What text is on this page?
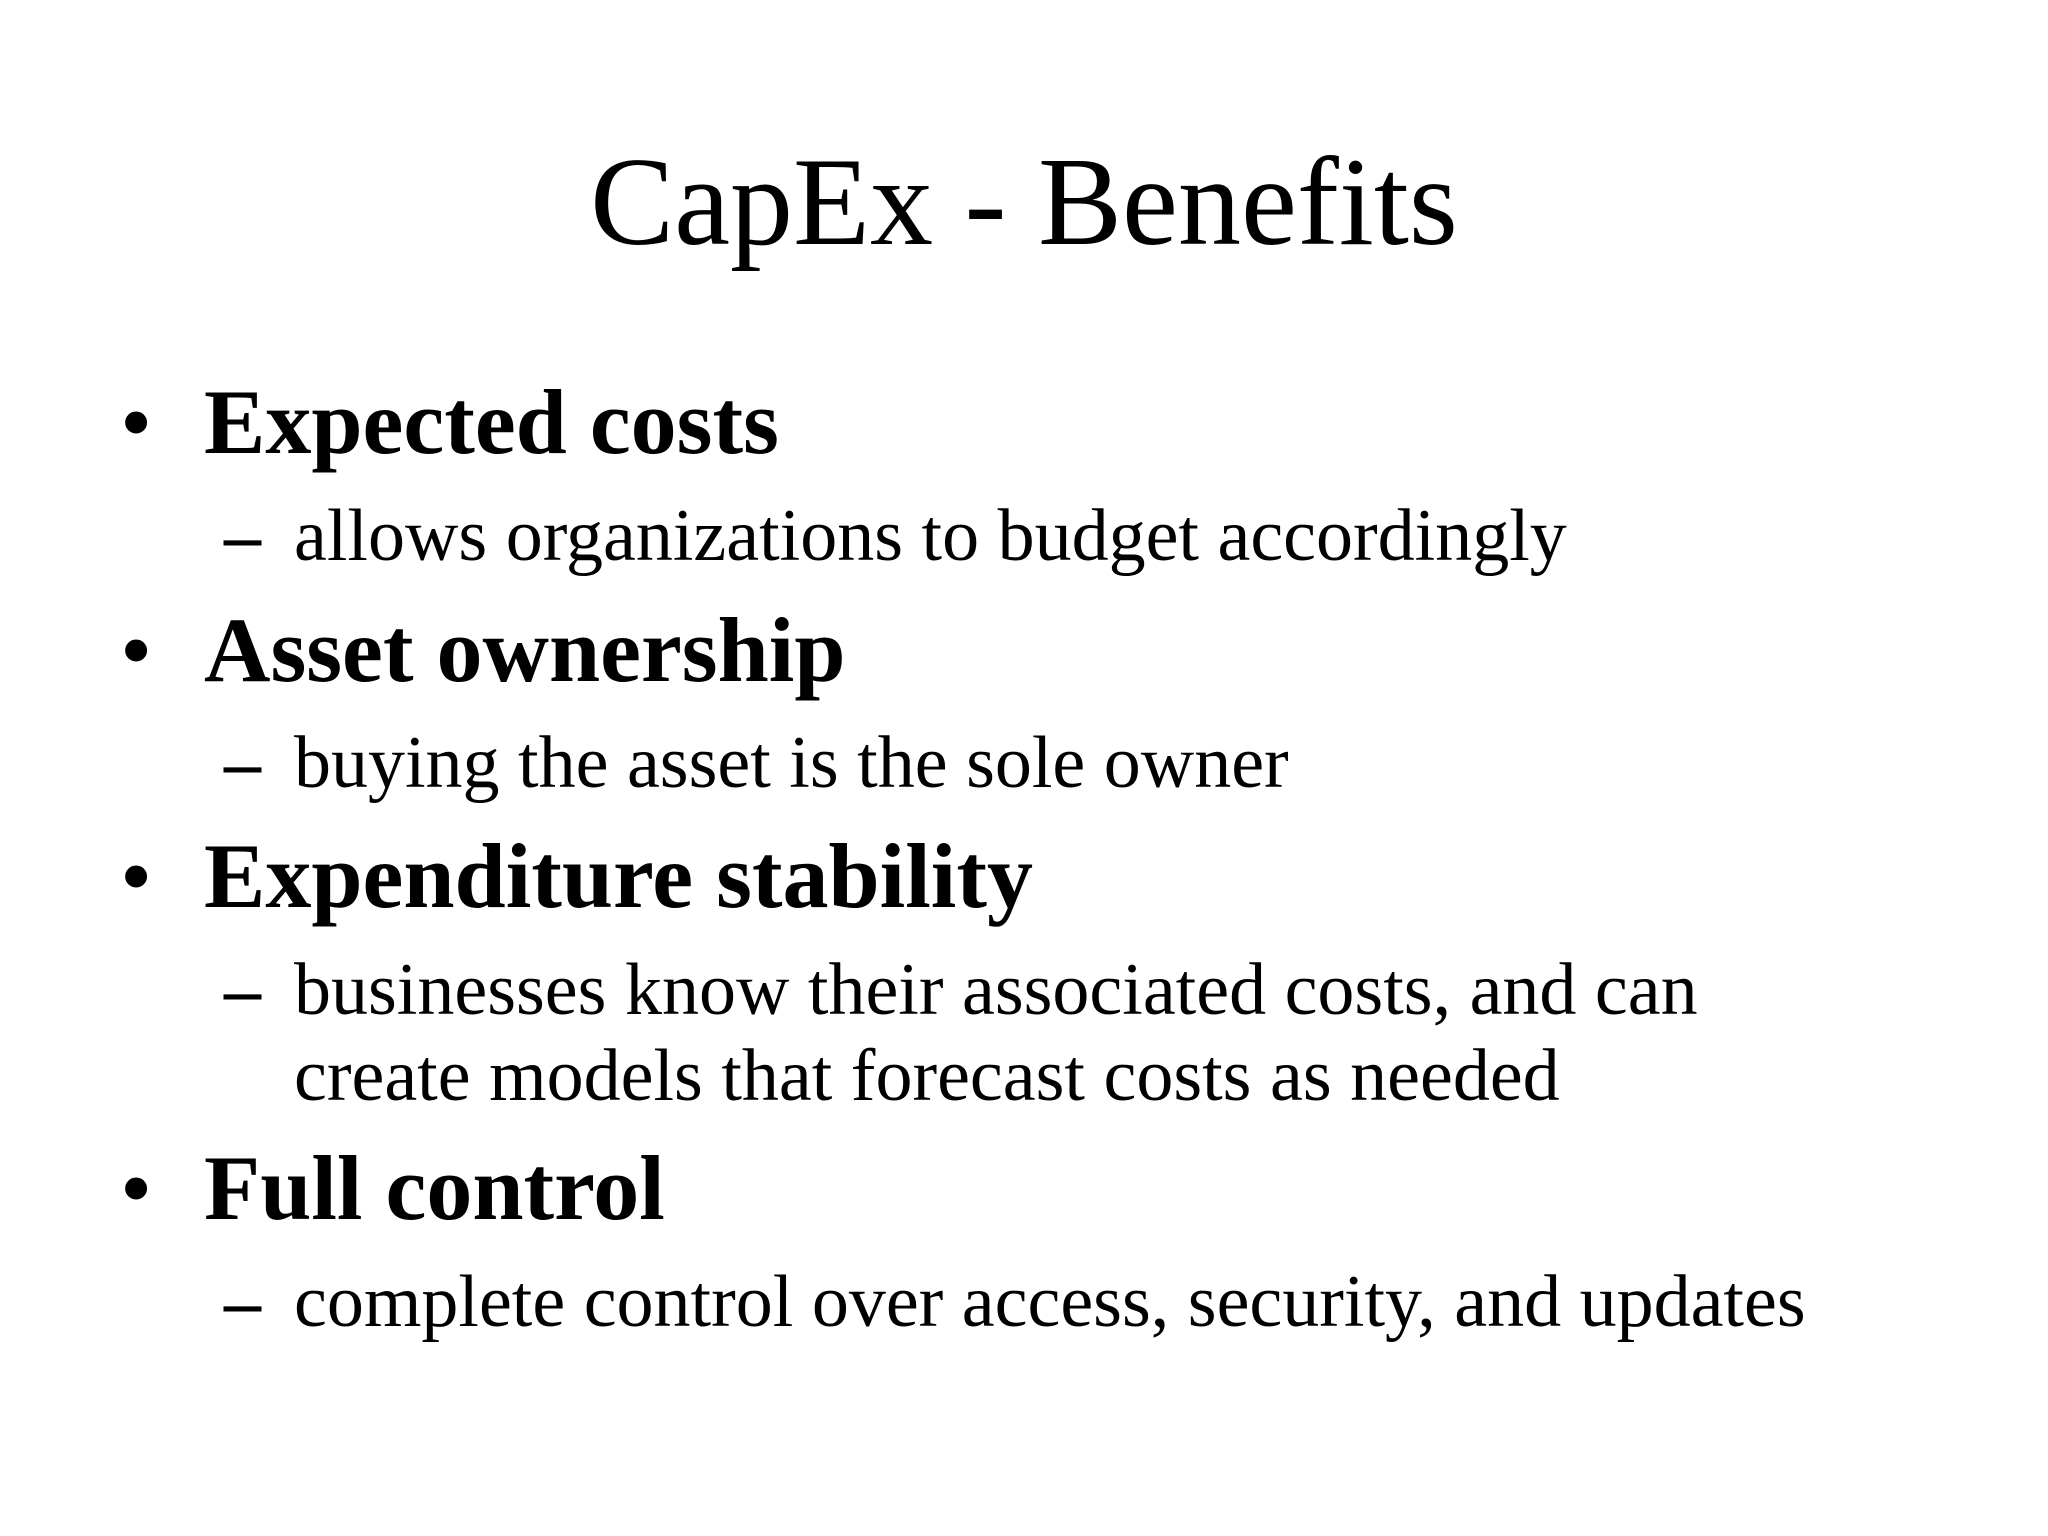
CapEx - Benefits
• Expected costs
– allows organizations to budget accordingly
• Asset ownership
– buying the asset is the sole owner
• Expenditure stability
– businesses know their associated costs, and can
create models that forecast costs as needed
• Full control
– complete control over access, security, and updates
